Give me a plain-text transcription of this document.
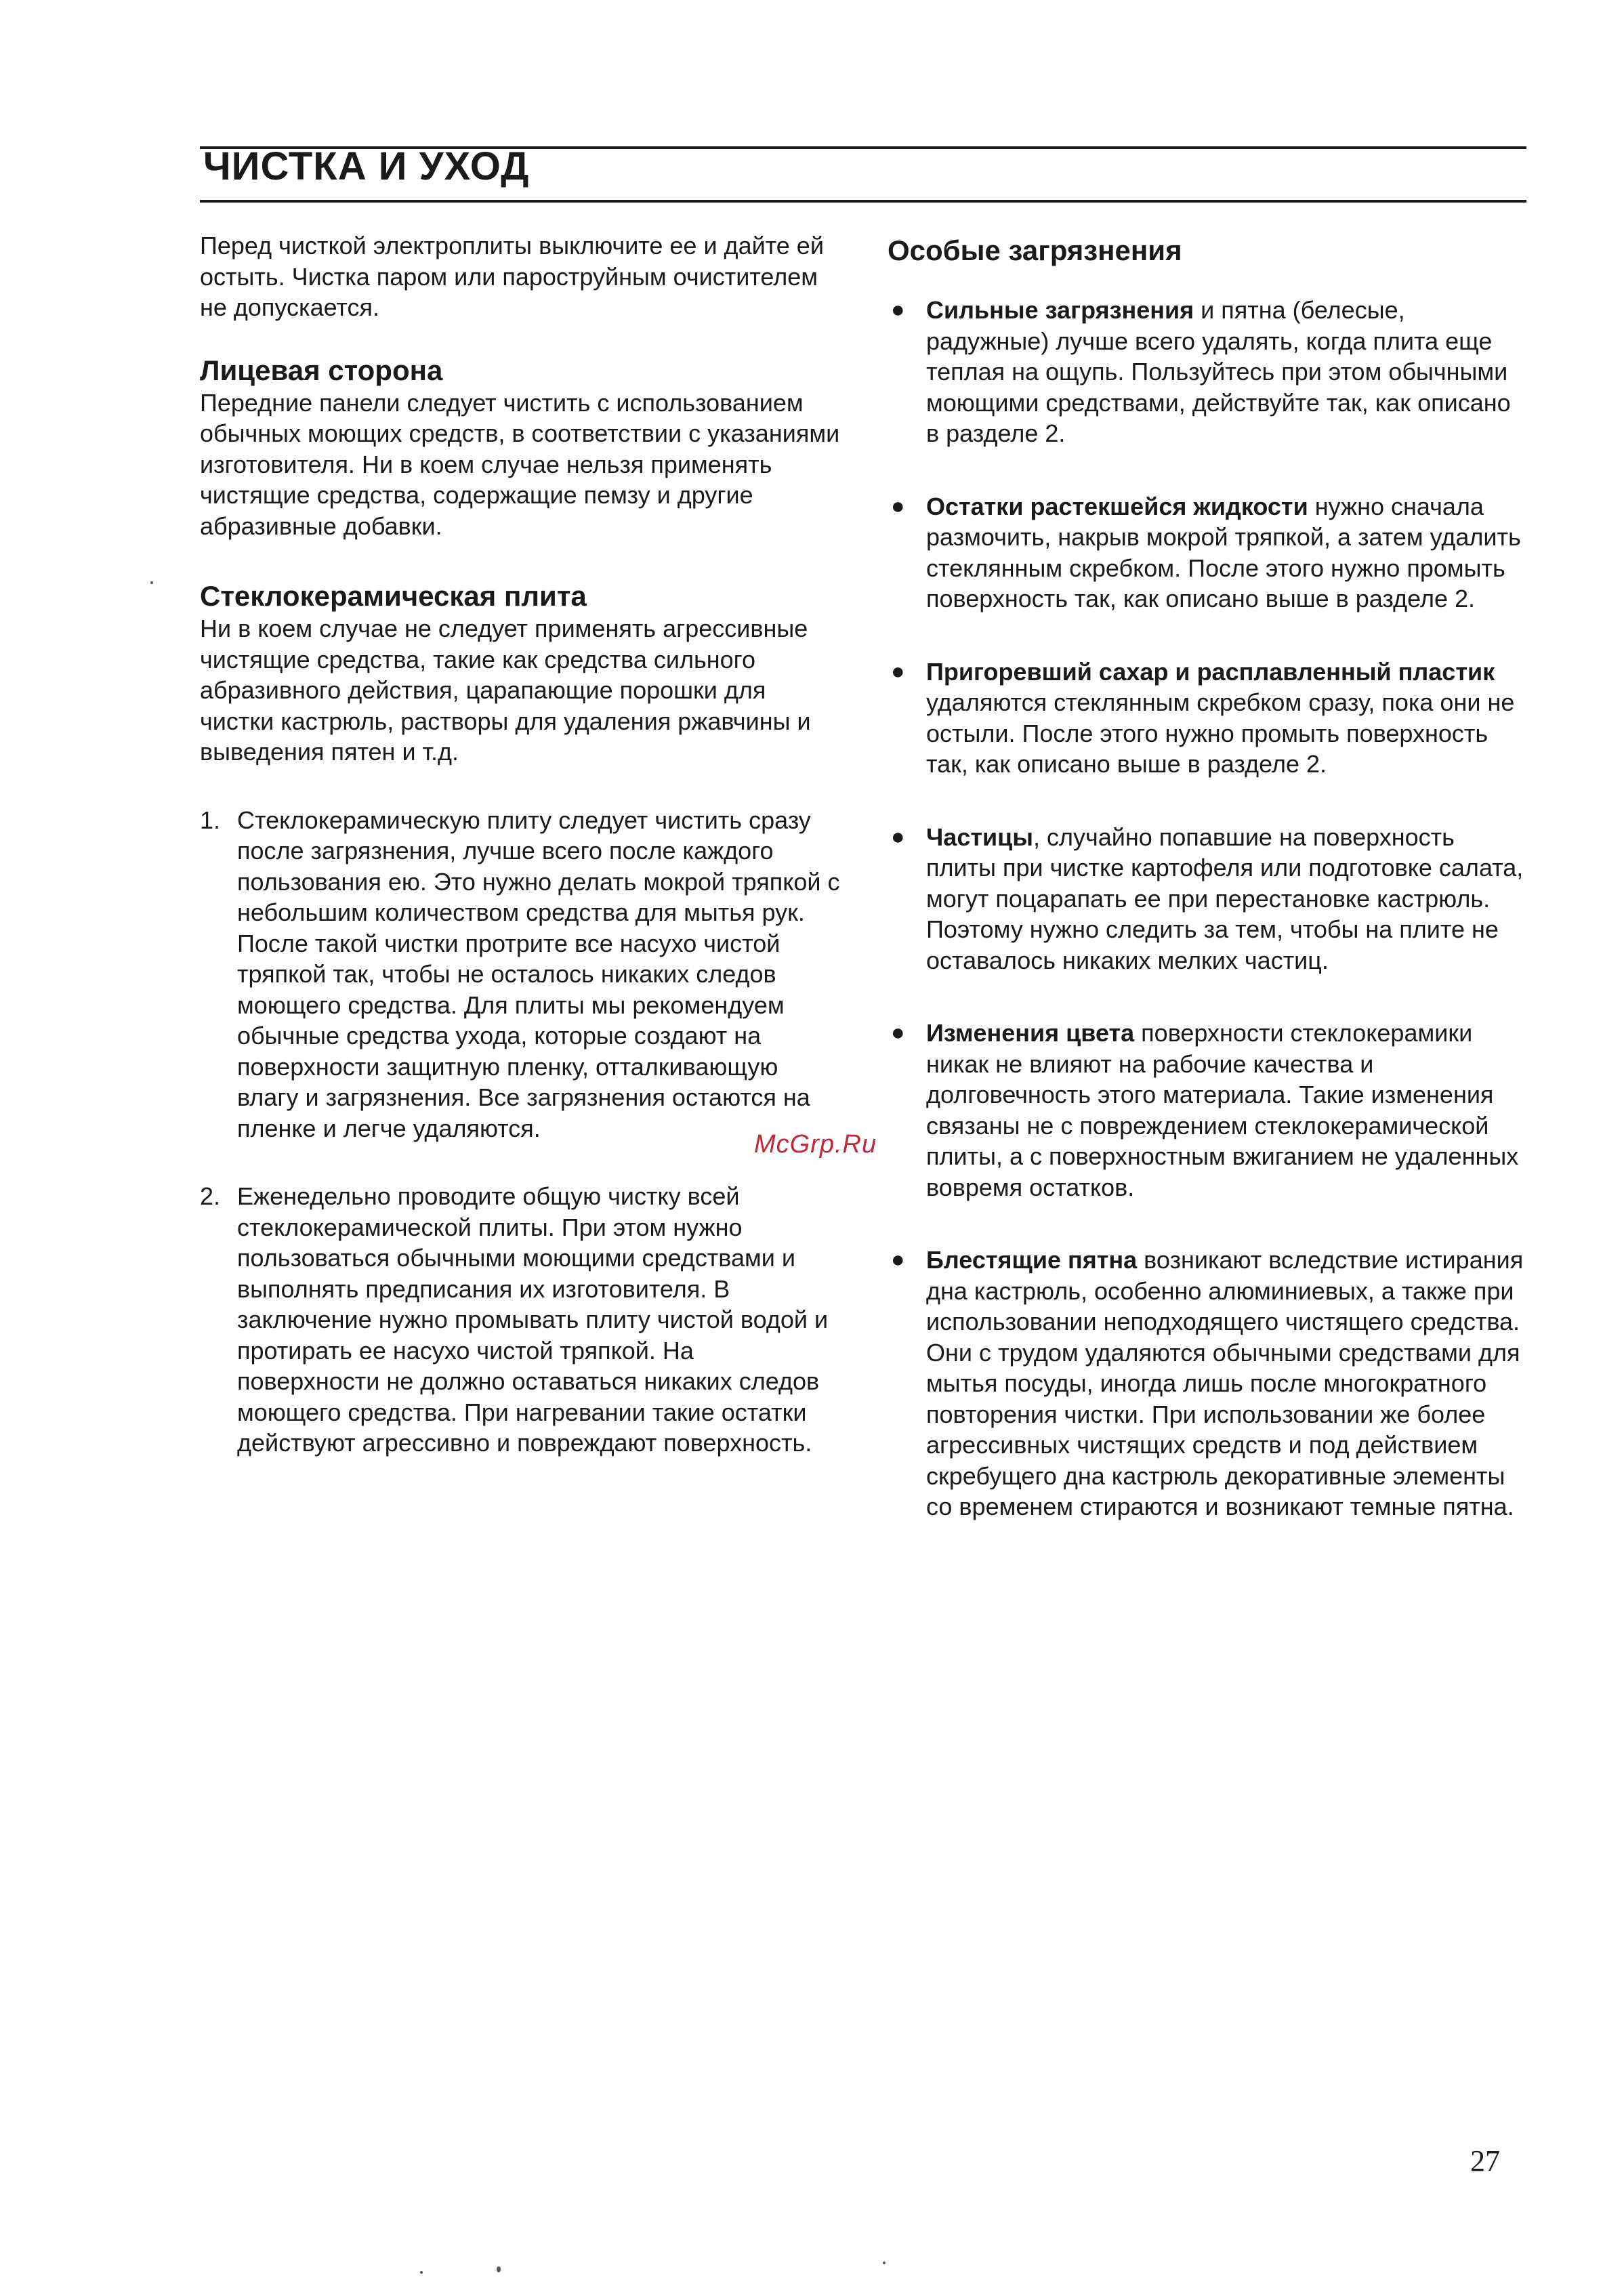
ЧИСТКА И УХОД

Перед чисткой электроплиты выключите ее и дайте ей остыть. Чистка паром или пароструйным очистителем не допускается.

Лицевая сторона

Передние панели следует чистить с использованием обычных моющих средств, в соответствии с указаниями изготовителя. Ни в коем случае нельзя применять чистящие средства, содержащие пемзу и другие абразивные добавки.

Стеклокерамическая плита

Ни в коем случае не следует применять агрессивные чистящие средства, такие как средства сильного абразивного действия, царапающие порошки для чистки кастрюль, растворы для удаления ржавчины и выведения пятен и т.д.

1. Стеклокерамическую плиту следует чистить сразу после загрязнения, лучше всего после каждого пользования ею. Это нужно делать мокрой тряпкой с небольшим количеством средства для мытья рук. После такой чистки протрите все насухо чистой тряпкой так, чтобы не осталось никаких следов моющего средства. Для плиты мы рекомендуем обычные средства ухода, которые создают на поверхности защитную пленку, отталкивающую влагу и загрязнения. Все загрязнения остаются на пленке и легче удаляются.
2. Еженедельно проводите общую чистку всей стеклокерамической плиты. При этом нужно пользоваться обычными моющими средствами и выполнять предписания их изготовителя. В заключение нужно промывать плиту чистой водой и протирать ее насухо чистой тряпкой. На поверхности не должно оставаться никаких следов моющего средства. При нагревании такие остатки действуют агрессивно и повреждают поверхность.
Особые загрязнения
● Сильные загрязнения и пятна (белесые, радужные) лучше всего удалять, когда плита еще теплая на ощупь. Пользуйтесь при этом обычными моющими средствами, действуйте так, как описано в разделе 2.
● Остатки растекшейся жидкости нужно сначала размочить, накрыв мокрой тряпкой, а затем удалить стеклянным скребком. После этого нужно промыть поверхность так, как описано выше в разделе 2.
● Пригоревший сахар и расплавленный пластик удаляются стеклянным скребком сразу, пока они не остыли. После этого нужно промыть поверхность так, как описано выше в разделе 2.
● Частицы, случайно попавшие на поверхность плиты при чистке картофеля или подготовке салата, могут поцарапать ее при перестановке кастрюль. Поэтому нужно следить за тем, чтобы на плите не оставалось никаких мелких частиц.
● Изменения цвета поверхности стеклокерамики никак не влияют на рабочие качества и долговечность этого материала. Такие изменения связаны не с повреждением стеклокерамической плиты, а с поверхностным вжиганием не удаленных вовремя остатков.
● Блестящие пятна возникают вследствие истирания дна кастрюль, особенно алюминиевых, а также при использовании неподходящего чистящего средства. Они с трудом удаляются обычными средствами для мытья посуды, иногда лишь после многократного повторения чистки. При использовании же более агрессивных чистящих средств и под действием скребущего дна кастрюль декоративные элементы со временем стираются и возникают темные пятна.
McGrp.Ru
27
